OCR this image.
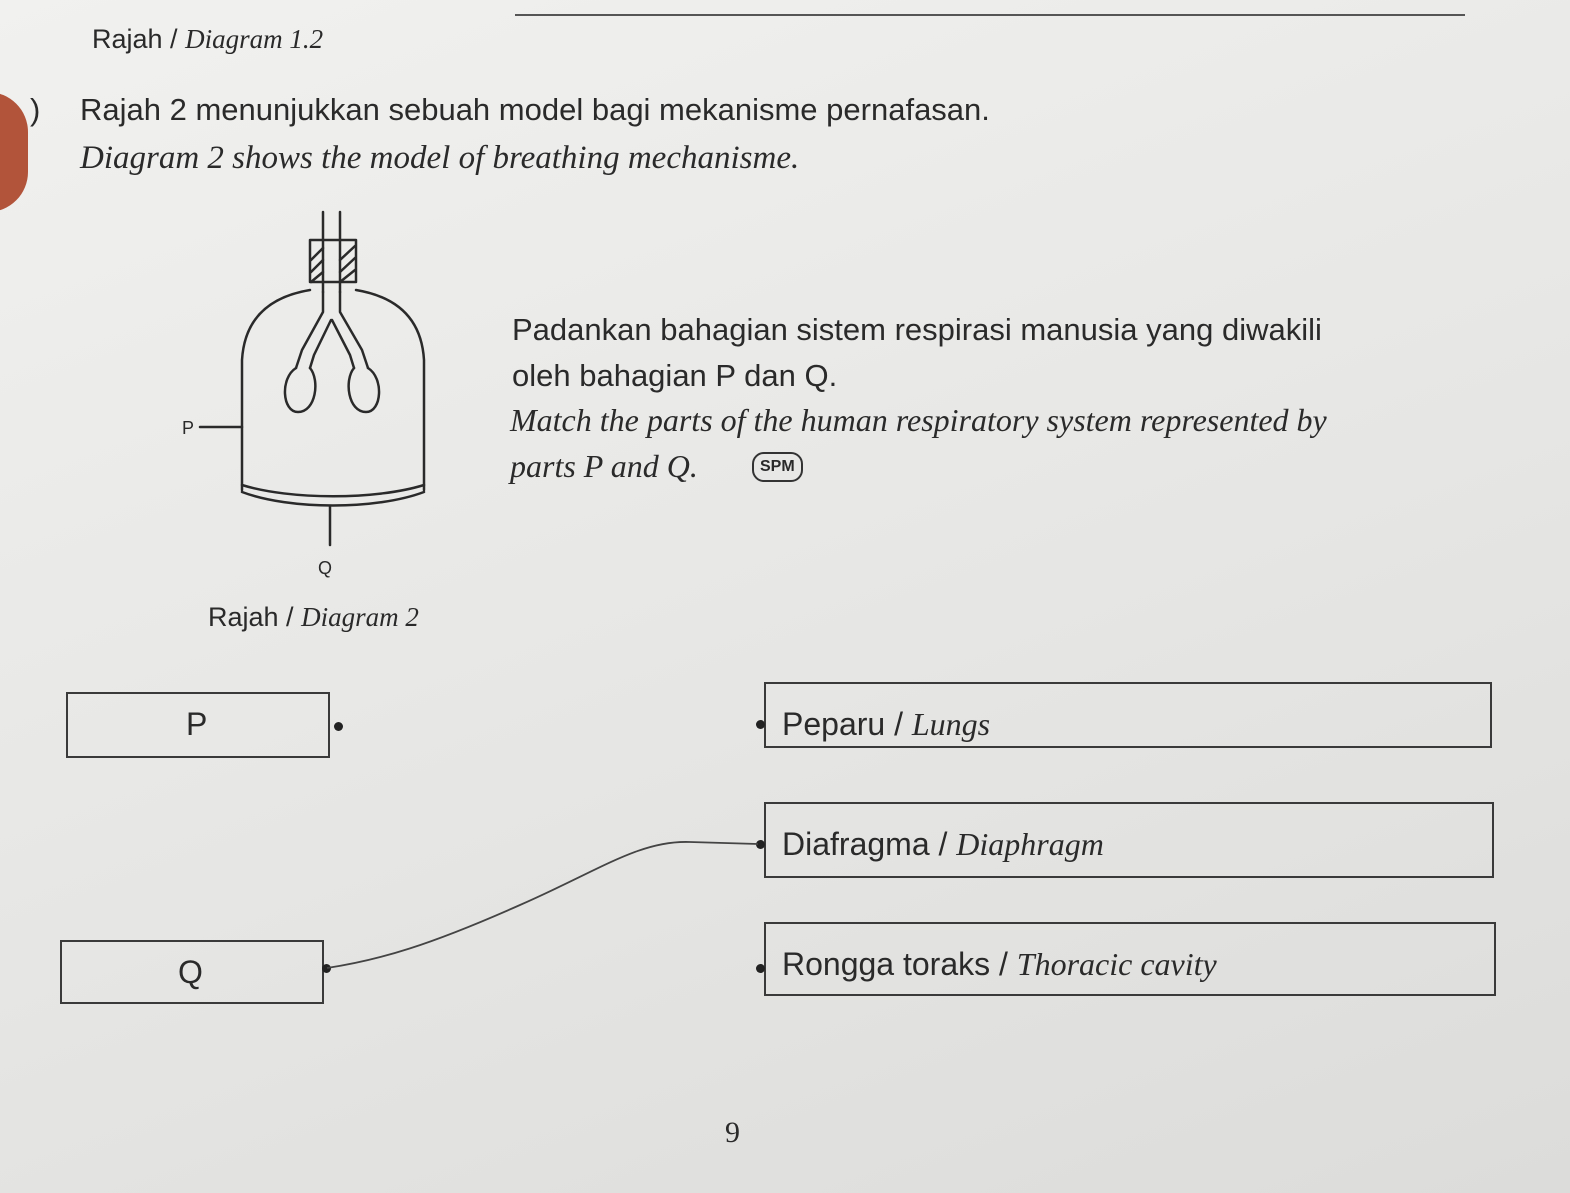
Rajah / Diagram 1.2
) Rajah 2 menunjukkan sebuah model bagi mekanisme pernafasan.
Diagram 2 shows the model of breathing mechanisme.
P
Q
Rajah / Diagram 2
Padankan bahagian sistem respirasi manusia yang diwakili
oleh bahagian P dan Q.
Match the parts of the human respiratory system represented by
parts P and Q.	SPM
P
Q
Peparu / Lungs
Diafragma / Diaphragm
Rongga toraks / Thoracic cavity
9
